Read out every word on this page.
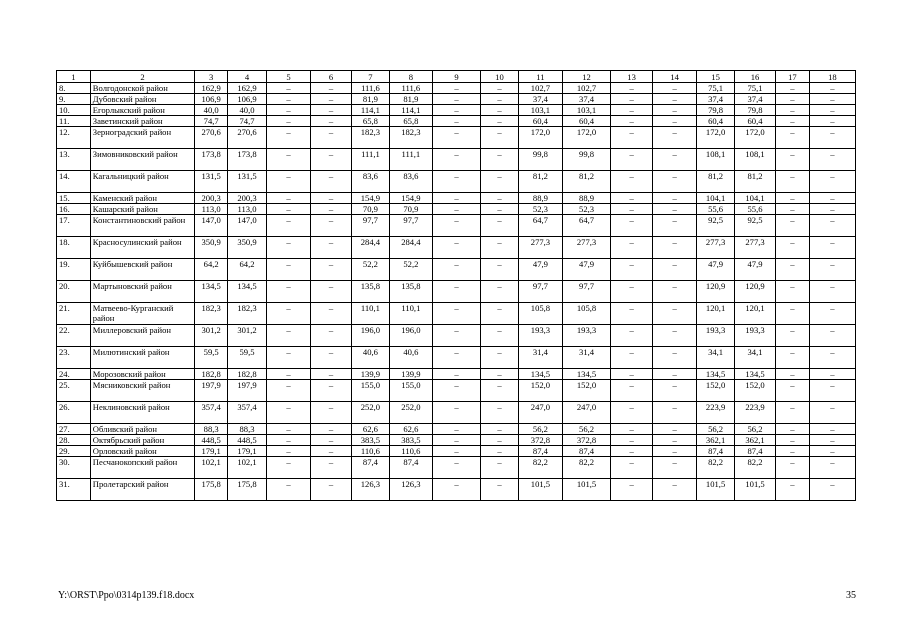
1	2	3	4	5	6	7	8	9	10	11	12	13	14	15	16	17	18
8.	Волгодонской район	162,9	162,9	–	–	111,6	111,6	–	–	102,7	102,7	–	–	75,1	75,1	–	–
9.	Дубовский район	106,9	106,9	–	–	81,9	81,9	–	–	37,4	37,4	–	–	37,4	37,4	–	–
10.	Егорлыкский район	40,0	40,0	–	–	114,1	114,1	–	–	103,1	103,1	–	–	79,8	79,8	–	–
11.	Заветинский район	74,7	74,7	–	–	65,8	65,8	–	–	60,4	60,4	–	–	60,4	60,4	–	–
12.	Зерноградский район	270,6	270,6	–	–	182,3	182,3	–	–	172,0	172,0	–	–	172,0	172,0	–	–
13.	Зимовниковский район	173,8	173,8	–	–	111,1	111,1	–	–	99,8	99,8	–	–	108,1	108,1	–	–
14.	Кагальницкий район	131,5	131,5	–	–	83,6	83,6	–	–	81,2	81,2	–	–	81,2	81,2	–	–
15.	Каменский район	200,3	200,3	–	–	154,9	154,9	–	–	88,9	88,9	–	–	104,1	104,1	–	–
16.	Кашарский район	113,0	113,0	–	–	70,9	70,9	–	–	52,3	52,3	–	–	55,6	55,6	–	–
17.	Константиновский район	147,0	147,0	–	–	97,7	97,7	–	–	64,7	64,7	–	–	92,5	92,5	–	–
18.	Красносулинский район	350,9	350,9	–	–	284,4	284,4	–	–	277,3	277,3	–	–	277,3	277,3	–	–
19.	Куйбышевский район	64,2	64,2	–	–	52,2	52,2	–	–	47,9	47,9	–	–	47,9	47,9	–	–
20.	Мартыновский район	134,5	134,5	–	–	135,8	135,8	–	–	97,7	97,7	–	–	120,9	120,9	–	–
21.	Матвеево-Курганский район	182,3	182,3	–	–	110,1	110,1	–	–	105,8	105,8	–	–	120,1	120,1	–	–
22.	Миллеровский район	301,2	301,2	–	–	196,0	196,0	–	–	193,3	193,3	–	–	193,3	193,3	–	–
23.	Милютинский район	59,5	59,5	–	–	40,6	40,6	–	–	31,4	31,4	–	–	34,1	34,1	–	–
24.	Морозовский район	182,8	182,8	–	–	139,9	139,9	–	–	134,5	134,5	–	–	134,5	134,5	–	–
25.	Мясниковский район	197,9	197,9	–	–	155,0	155,0	–	–	152,0	152,0	–	–	152,0	152,0	–	–
26.	Неклиновский район	357,4	357,4	–	–	252,0	252,0	–	–	247,0	247,0	–	–	223,9	223,9	–	–
27.	Обливский район	88,3	88,3	–	–	62,6	62,6	–	–	56,2	56,2	–	–	56,2	56,2	–	–
28.	Октябрьский район	448,5	448,5	–	–	383,5	383,5	–	–	372,8	372,8	–	–	362,1	362,1	–	–
29.	Орловский район	179,1	179,1	–	–	110,6	110,6	–	–	87,4	87,4	–	–	87,4	87,4	–	–
30.	Песчанокопский район	102,1	102,1	–	–	87,4	87,4	–	–	82,2	82,2	–	–	82,2	82,2	–	–
31.	Пролетарский район	175,8	175,8	–	–	126,3	126,3	–	–	101,5	101,5	–	–	101,5	101,5	–	–
Y:\ORST\Ppo\0314p139.f18.docx	35
